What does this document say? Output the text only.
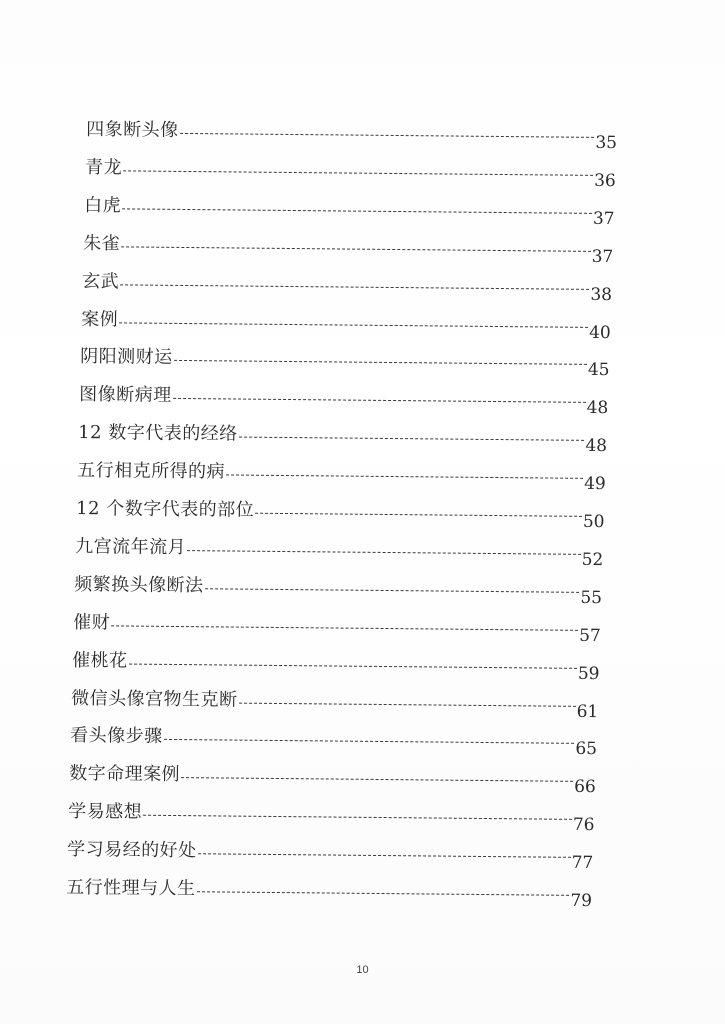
四象断头像
35
青龙
36
白虎
37
朱雀
37
玄武
38
案例
40
阴阳测财运
45
图像断病理
48
12 数字代表的经络
48
五行相克所得的病
49
12 个数字代表的部位
50
九宫流年流月
52
频繁换头像断法
55
催财
57
催桃花
59
微信头像宫物生克断
61
看头像步骤
65
数字命理案例
66
学易感想
76
学习易经的好处
77
五行性理与人生
79
10
